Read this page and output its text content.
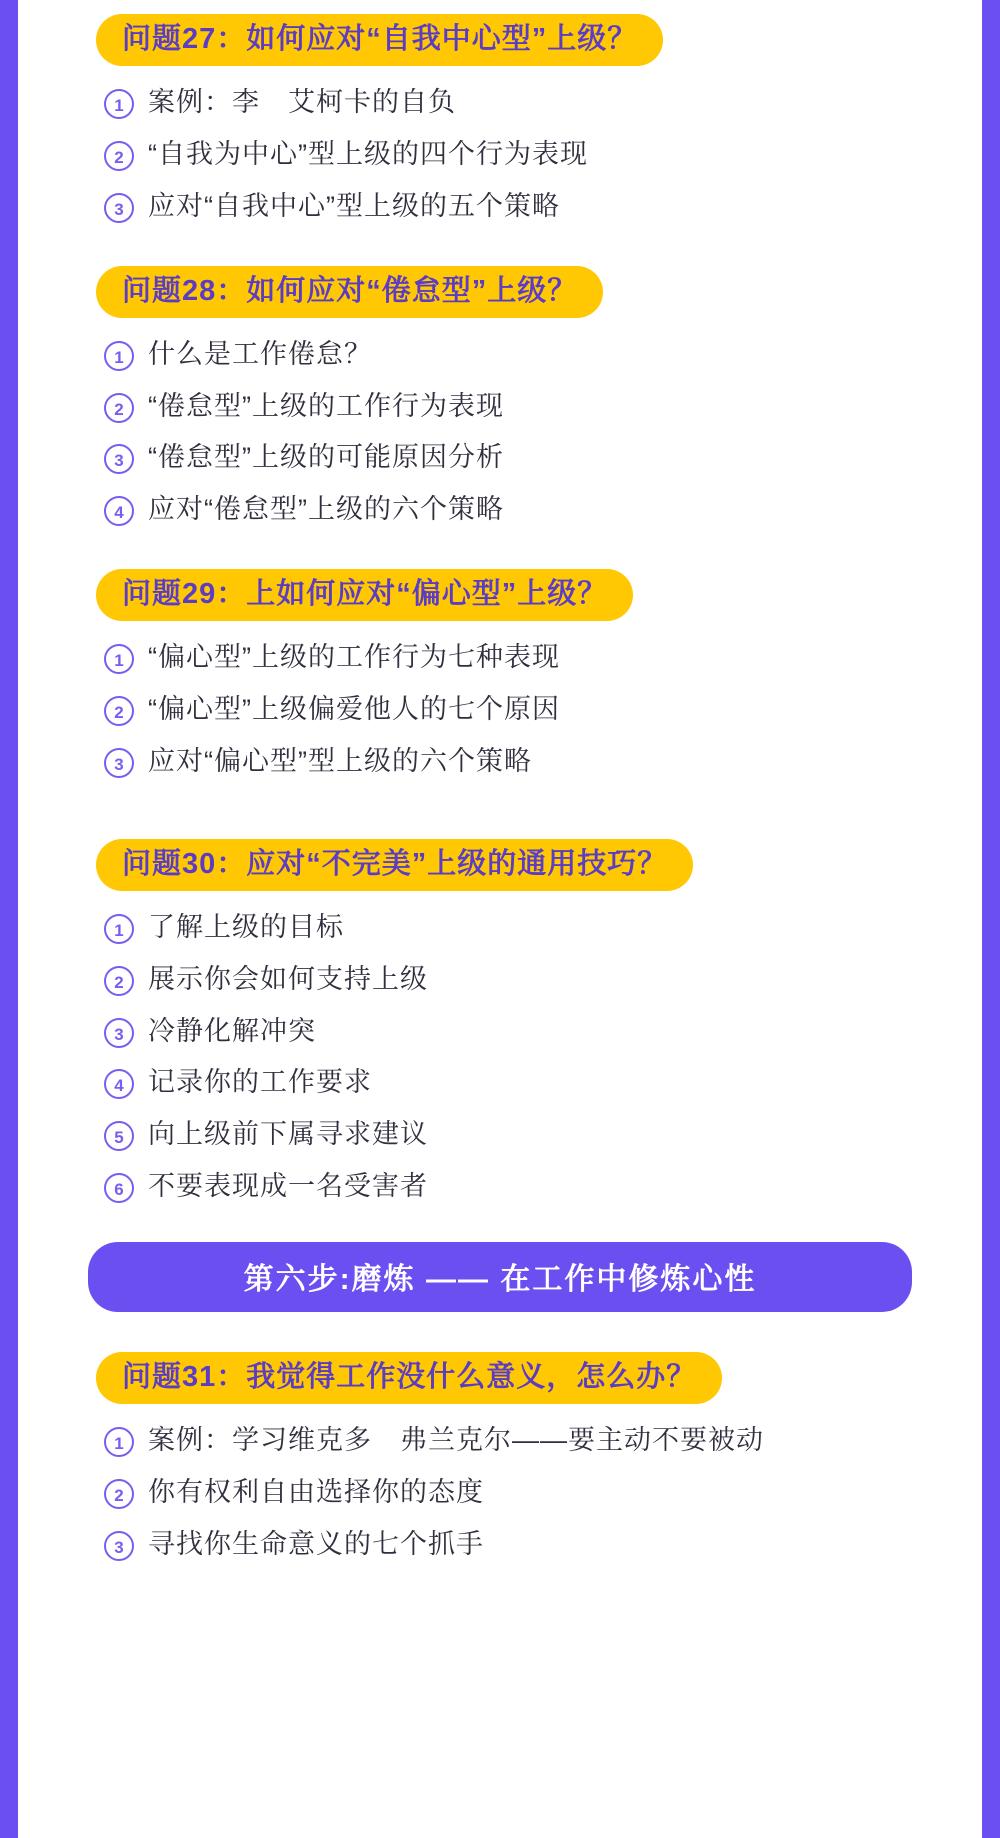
问题27：如何应对“自我中心型”上级？
1 案例：李　艾柯卡的自负
2 “自我为中心”型上级的四个行为表现
3 应对“自我中心”型上级的五个策略
问题28：如何应对“倦怠型”上级？
1 什么是工作倦怠？
2 “倦怠型”上级的工作行为表现
3 “倦怠型”上级的可能原因分析
4 应对“倦怠型”上级的六个策略
问题29：上如何应对“偏心型”上级？
1 “偏心型”上级的工作行为七种表现
2 “偏心型”上级偏爱他人的七个原因
3 应对“偏心型”型上级的六个策略
问题30：应对“不完美”上级的通用技巧？
1 了解上级的目标
2 展示你会如何支持上级
3 冷静化解冲突
4 记录你的工作要求
5 向上级前下属寻求建议
6 不要表现成一名受害者
第六步:磨炼 —— 在工作中修炼心性
问题31：我觉得工作没什么意义，怎么办？
1 案例：学习维克多　弗兰克尔——要主动不要被动
2 你有权利自由选择你的态度
3 寻找你生命意义的七个抓手
